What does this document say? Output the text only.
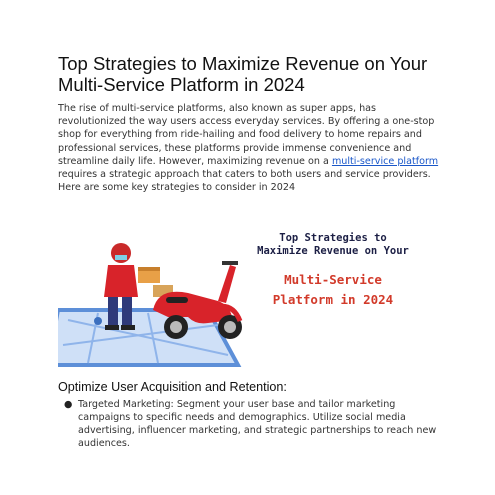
Top Strategies to Maximize Revenue on Your Multi-Service Platform in 2024

The rise of multi-service platforms, also known as super apps, has revolutionized the way users access everyday services. By offering a one-stop shop for everything from ride-hailing and food delivery to home repairs and professional services, these platforms provide immense convenience and streamline daily life. However, maximizing revenue on a multi-service platform requires a strategic approach that caters to both users and service providers. Here are some key strategies to consider in 2024

Top Strategies to
Maximize Revenue on Your
Multi-Service
Platform in 2024
Optimize User Acquisition and Retention:
● Targeted Marketing: Segment your user base and tailor marketing campaigns to specific needs and demographics. Utilize social media advertising, influencer marketing, and strategic partnerships to reach new audiences.
